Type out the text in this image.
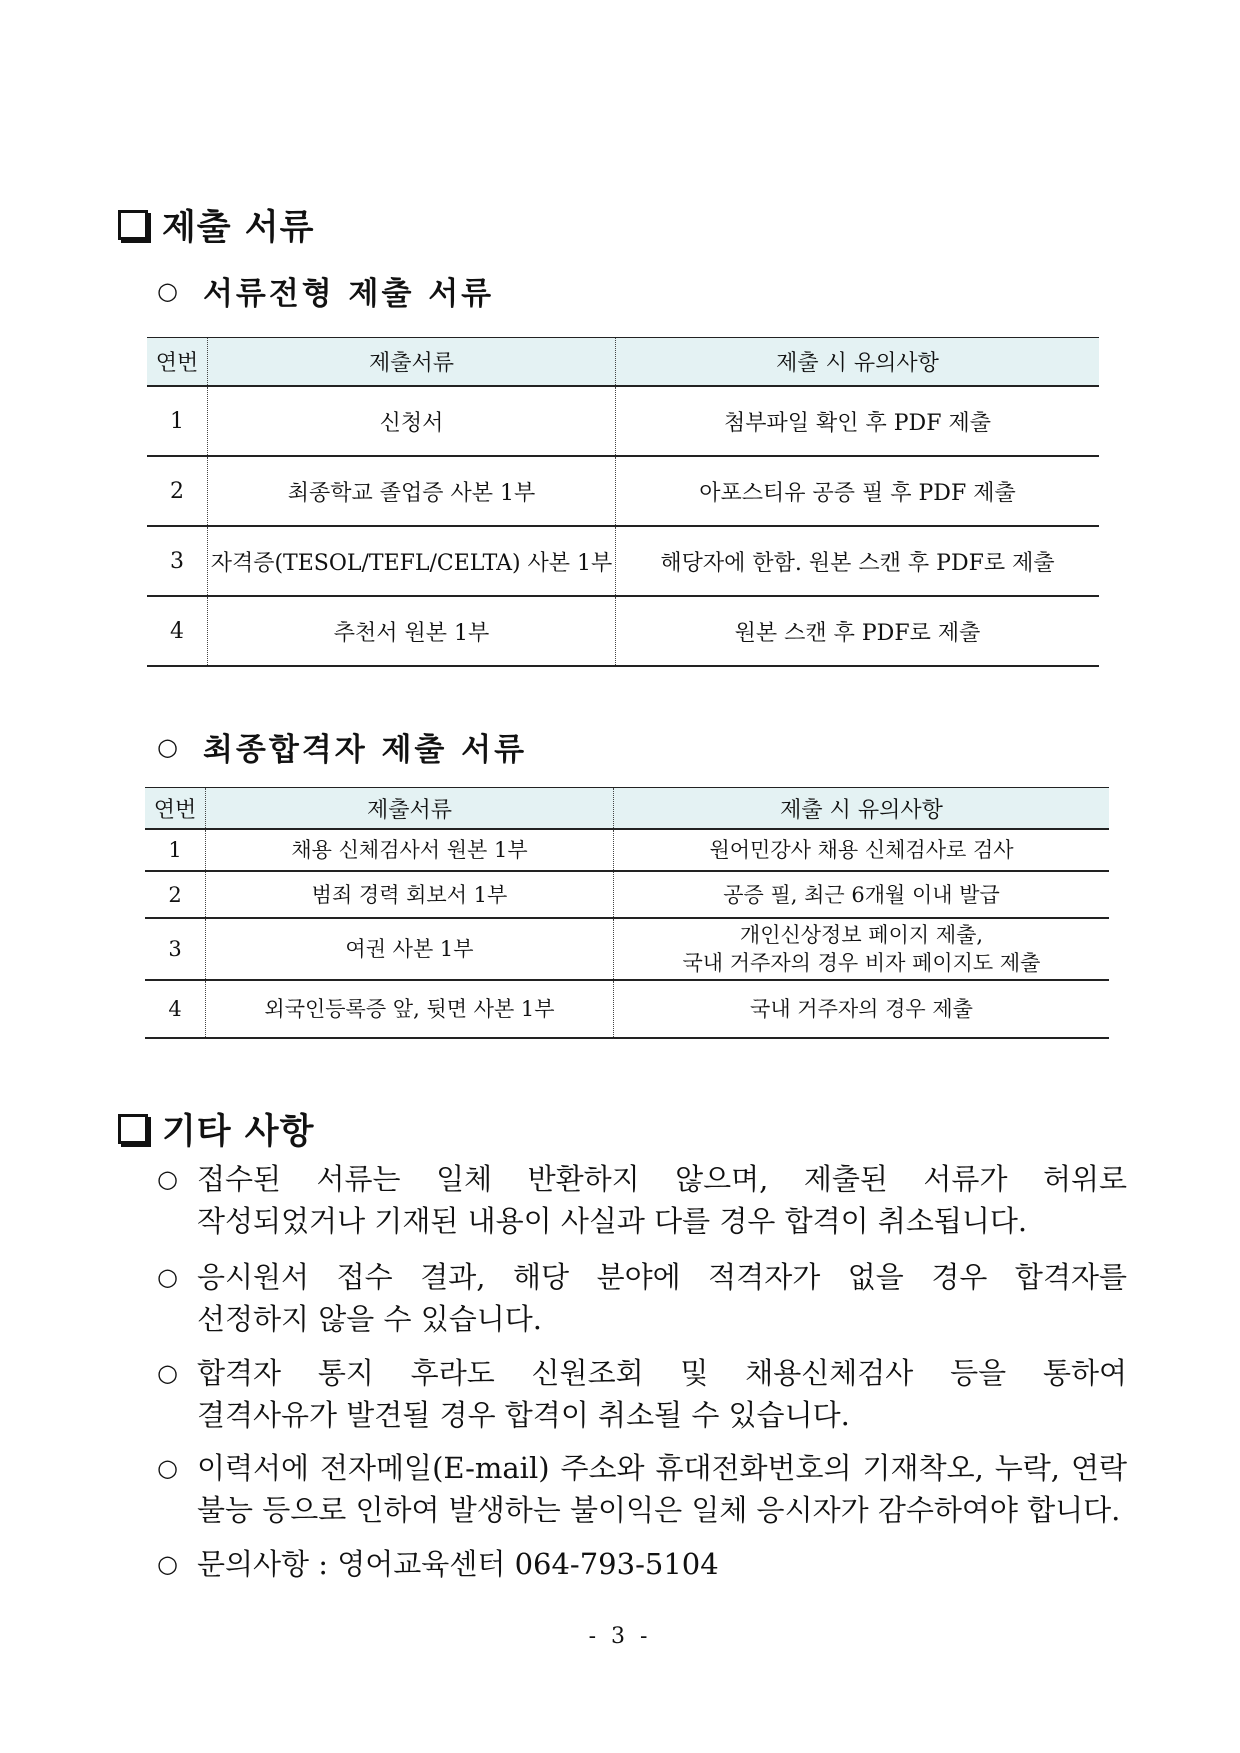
제출 서류
○ 서류전형 제출 서류
연번	제출서류	제출 시 유의사항
1	신청서	첨부파일 확인 후 PDF 제출
2	최종학교 졸업증 사본 1부	아포스티유 공증 필 후 PDF 제출
3	자격증(TESOL/TEFL/CELTA) 사본 1부	해당자에 한함. 원본 스캔 후 PDF로 제출
4	추천서 원본 1부	원본 스캔 후 PDF로 제출
○ 최종합격자 제출 서류
연번	제출서류	제출 시 유의사항
1	채용 신체검사서 원본 1부	원어민강사 채용 신체검사로 검사
2	범죄 경력 회보서 1부	공증 필, 최근 6개월 이내 발급
3	여권 사본 1부	개인신상정보 페이지 제출,
국내 거주자의 경우 비자 페이지도 제출

4	외국인등록증 앞, 뒷면 사본 1부	국내 거주자의 경우 제출
기타 사항
○ 접수된 서류는 일체 반환하지 않으며, 제출된 서류가 허위로
작성되었거나 기재된 내용이 사실과 다를 경우 합격이 취소됩니다.
○ 응시원서 접수 결과, 해당 분야에 적격자가 없을 경우 합격자를
선정하지 않을 수 있습니다.
○ 합격자 통지 후라도 신원조회 및 채용신체검사 등을 통하여
결격사유가 발견될 경우 합격이 취소될 수 있습니다.
○ 이력서에 전자메일(E-mail) 주소와 휴대전화번호의 기재착오, 누락, 연락
불능 등으로 인하여 발생하는 불이익은 일체 응시자가 감수하여야 합니다.
○ 문의사항 : 영어교육센터 064-793-5104
- 3 -
